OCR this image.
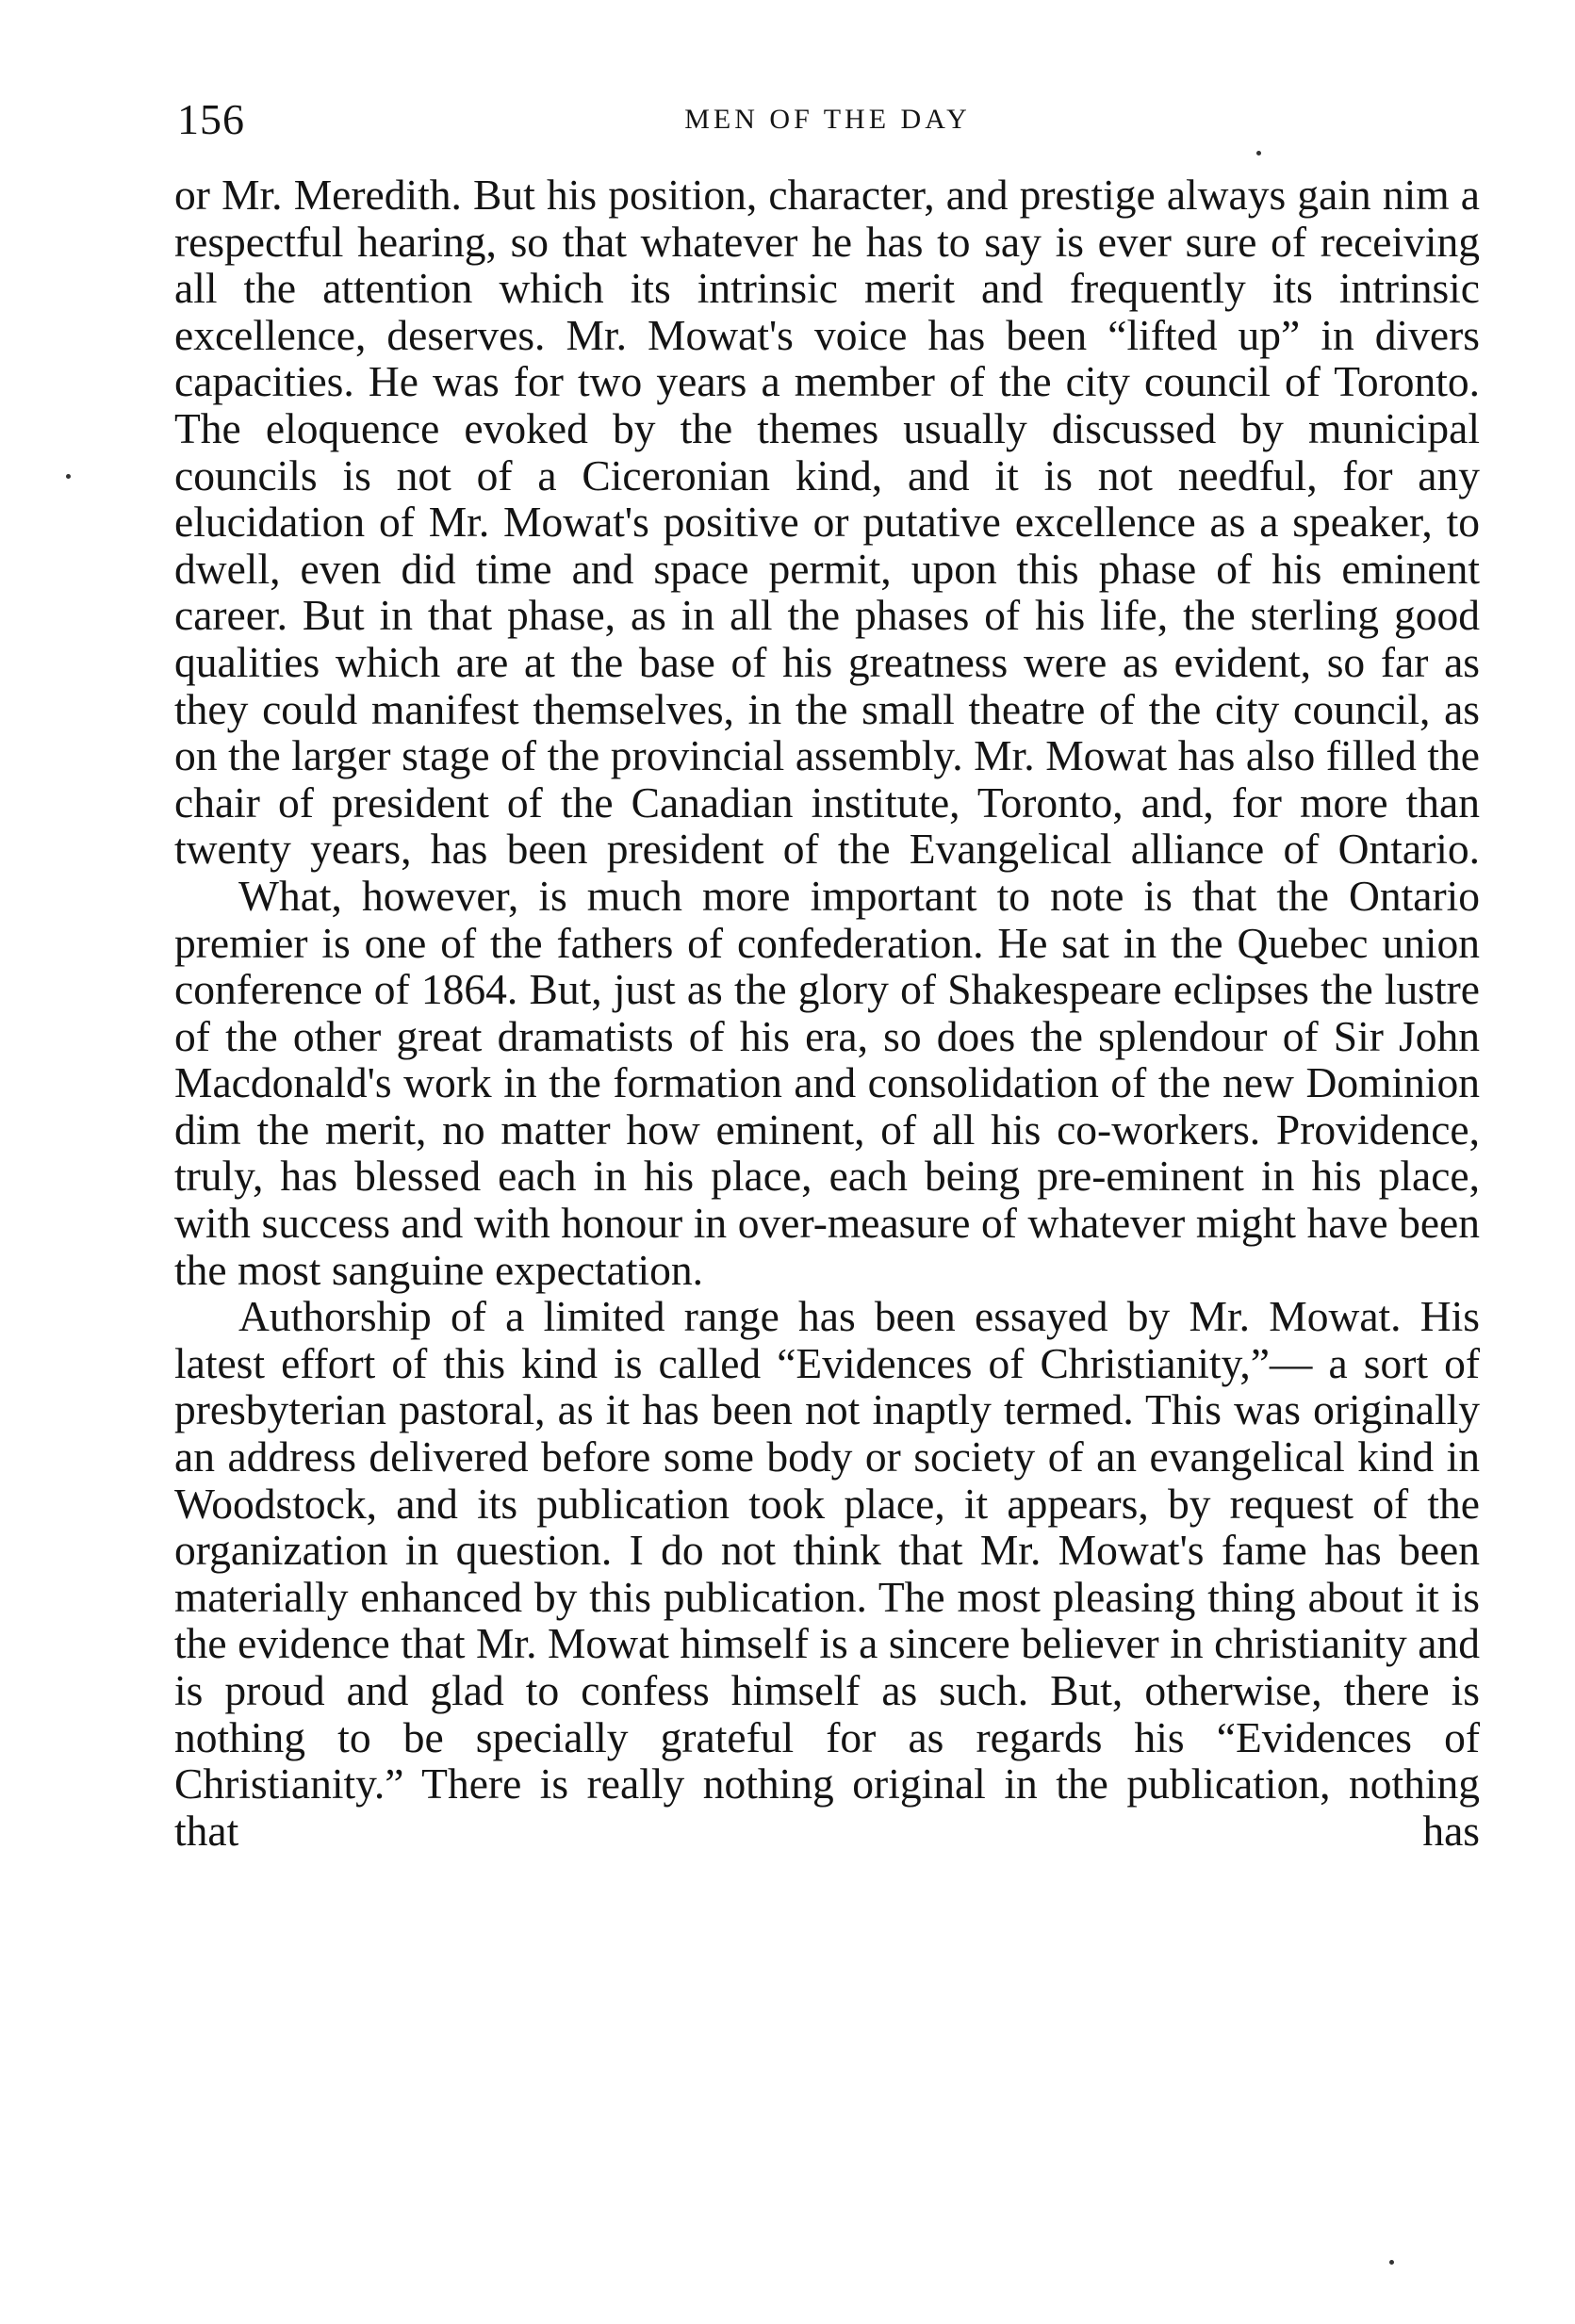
156	MEN OF THE DAY

or Mr. Meredith. But his position, character, and prestige always gain nim a respectful hearing, so that whatever he has to say is ever sure of receiving all the attention which its intrinsic merit and frequently its intrinsic excellence, deserves. Mr. Mowat's voice has been “lifted up” in divers capacities. He was for two years a member of the city council of Toronto. The eloquence evoked by the themes usually discussed by municipal councils is not of a Ciceronian kind, and it is not needful, for any elucidation of Mr. Mowat's positive or putative excellence as a speaker, to dwell, even did time and space permit, upon this phase of his eminent career. But in that phase, as in all the phases of his life, the sterling good qualities which are at the base of his greatness were as evident, so far as they could manifest themselves, in the small theatre of the city council, as on the larger stage of the provincial assembly. Mr. Mowat has also filled the chair of president of the Canadian institute, Toronto, and, for more than twenty years, has been president of the Evangelical alliance of Ontario.

What, however, is much more important to note is that the Ontario premier is one of the fathers of confederation. He sat in the Quebec union conference of 1864. But, just as the glory of Shakespeare eclipses the lustre of the other great dramatists of his era, so does the splendour of Sir John Macdonald's work in the formation and consolidation of the new Dominion dim the merit, no matter how eminent, of all his co-workers. Providence, truly, has blessed each in his place, each being pre-eminent in his place, with success and with honour in over-measure of whatever might have been the most sanguine expectation.

Authorship of a limited range has been essayed by Mr. Mowat. His latest effort of this kind is called “Evidences of Christianity,”— a sort of presbyterian pastoral, as it has been not inaptly termed. This was originally an address delivered before some body or society of an evangelical kind in Woodstock, and its publication took place, it appears, by request of the organization in question. I do not think that Mr. Mowat's fame has been materially enhanced by this publication. The most pleasing thing about it is the evidence that Mr. Mowat himself is a sincere believer in christianity and is proud and glad to confess himself as such. But, otherwise, there is nothing to be specially grateful for as regards his “Evidences of Christianity.” There is really nothing original in the publication, nothing that has
